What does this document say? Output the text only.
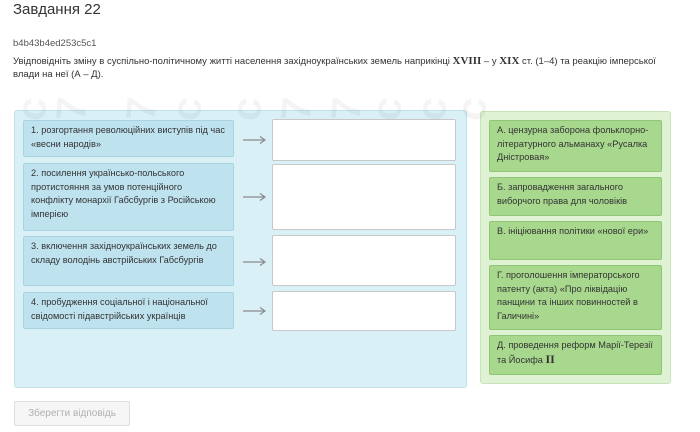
Завдання 22
b4b43b4ed253c5c1
Увідповідніть зміну в суспільно-політичному житті населення західноукраїнських земель наприкінці XVIII – у XIX ст. (1–4) та реакцію імперської влади на неї (А – Д).
1. розгортання революційних виступів під час «весни народів»
2. посилення українсько-польського протистояння за умов потенційного конфлікту монархії Габсбургів з Російською імперією
3. включення західноукраїнських земель до складу володінь австрійських Габсбургів
4. пробудження соціальної і національної свідомості підавстрійських українців
А. цензурна заборона фольклорно-літературного альманаху «Русалка Дністровая»
Б. запровадження загального виборчого права для чоловіків
В. ініціювання політики «нової ери»
Г. проголошення імператорського патенту (акта) «Про ліквідацію панщини та інших повинностей в Галичині»
Д. проведення реформ Марії-Терезії та Йосифа II
Зберегти відповідь
